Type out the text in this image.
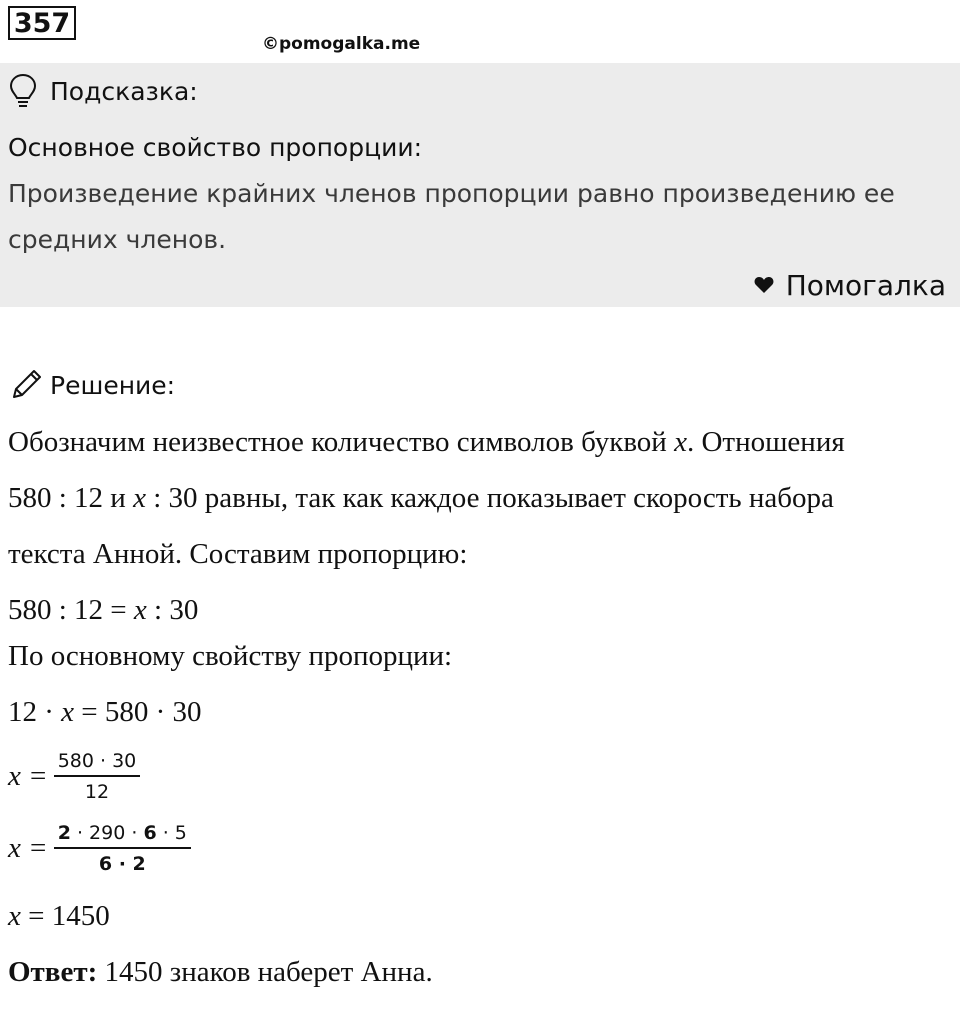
357
©pomogalka.me
Подсказка:
Основное свойство пропорции:
Произведение крайних членов пропорции равно произведению ее средних членов.
Помогалка
Решение:
Обозначим неизвестное количество символов буквой x. Отношения
580 : 12 и x : 30 равны, так как каждое показывает скорость набора
текста Анной. Составим пропорцию:
580 : 12 = x : 30
По основному свойству пропорции:
12 · x = 580 · 30
$x = \frac{580 \cdot 30}{12}$
$x = \frac{2 \cdot 290 \cdot 6 \cdot 5}{6 \cdot 2}$
x = 1450
Ответ: 1450 знаков наберет Анна.
